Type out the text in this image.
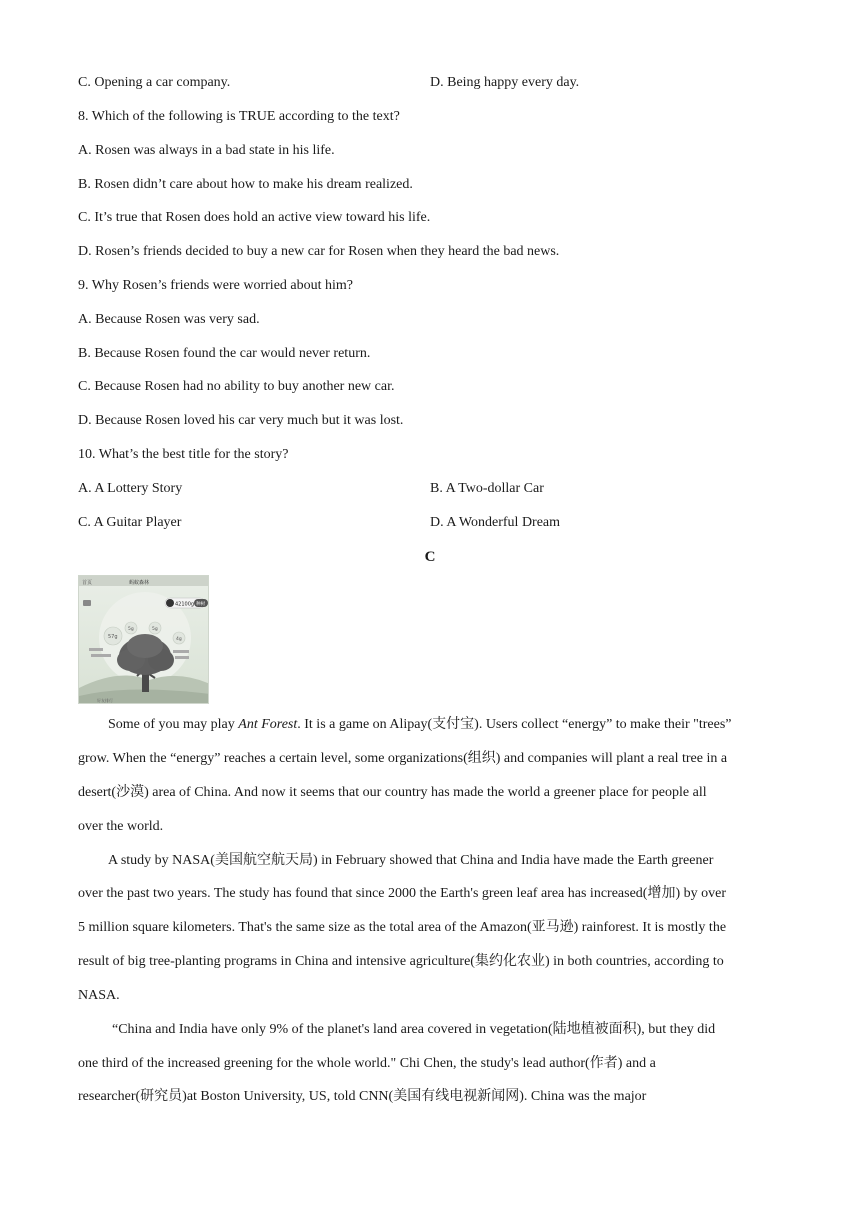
C. Opening a car company.	D. Being happy every day.
8. Which of the following is TRUE according to the text?
A. Rosen was always in a bad state in his life.
B. Rosen didn’t care about how to make his dream realized.
C. It’s true that Rosen does hold an active view toward his life.
D. Rosen’s friends decided to buy a new car for Rosen when they heard the bad news.
9. Why Rosen’s friends were worried about him?
A. Because Rosen was very sad.
B. Because Rosen found the car would never return.
C. Because Rosen had no ability to buy another new car.
D. Because Rosen loved his car very much but it was lost.
10. What’s the best title for the story?
A. A Lottery Story	B. A Two-dollar Car
C. A Guitar Player	D. A Wonderful Dream
C
首页	蚂蚁森林
42100g 种树
57g
5g	5g
4g
好友排行
Some of you may play Ant Forest. It is a game on Alipay(支付宝). Users collect “energy” to make their "trees”
grow. When the “energy” reaches a certain level, some organizations(组织) and companies will plant a real tree in a
desert(沙漠) area of China. And now it seems that our country has made the world a greener place for people all
over the world.
A study by NASA(美国航空航天局) in February showed that China and India have made the Earth greener
over the past two years. The study has found that since 2000 the Earth's green leaf area has increased(增加) by over
5 million square kilometers. That's the same size as the total area of the Amazon(亚马逊) rainforest. It is mostly the
result of big tree-planting programs in China and intensive agriculture(集约化农业) in both countries, according to
NASA.
“China and India have only 9% of the planet's land area covered in vegetation(陆地植被面积), but they did
one third of the increased greening for the whole world." Chi Chen, the study's lead author(作者) and a
researcher(研究员)at Boston University, US, told CNN(美国有线电视新闻网). China was the major
